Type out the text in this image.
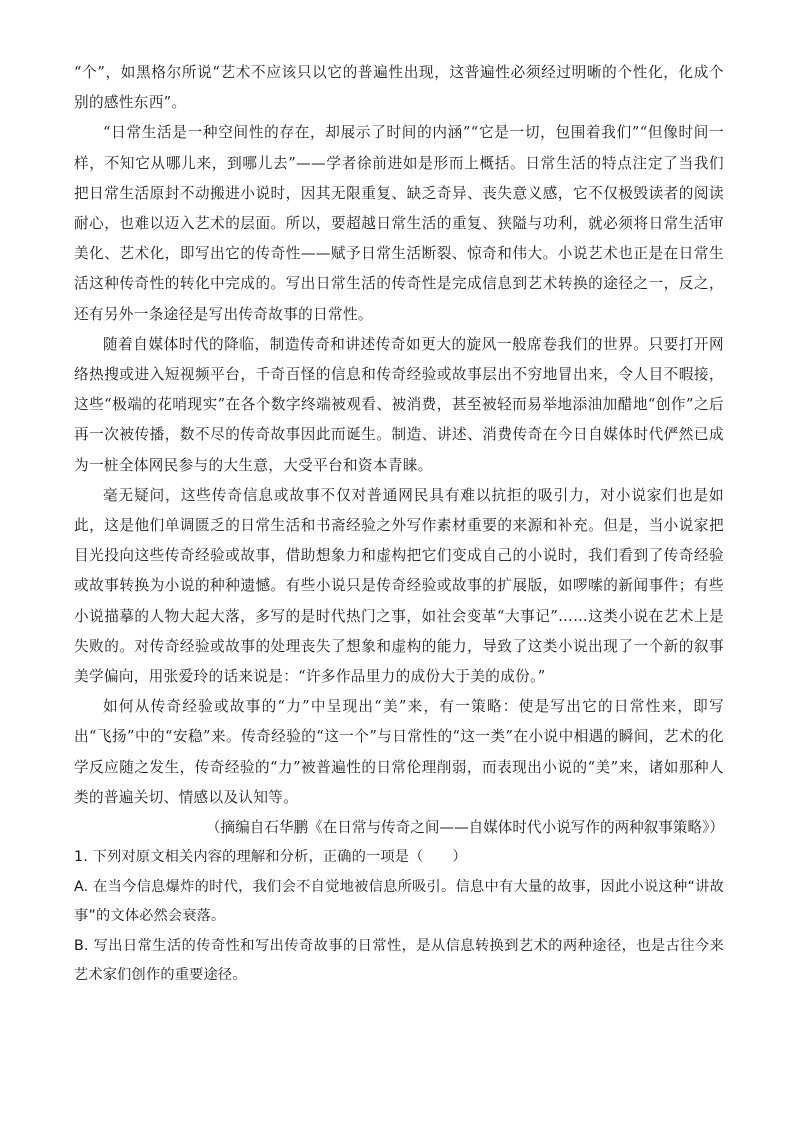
“个”，如黑格尔所说“艺术不应该只以它的普遍性出现，这普遍性必须经过明晰的个性化，化成个别的感性东西”。

“日常生活是一种空间性的存在，却展示了时间的内涵”“它是一切，包围着我们”“但像时间一样，不知它从哪儿来，到哪儿去”——学者徐前进如是形而上概括。日常生活的特点注定了当我们把日常生活原封不动搬进小说时，因其无限重复、缺乏奇异、丧失意义感，它不仅极毁读者的阅读耐心，也难以迈入艺术的层面。所以，要超越日常生活的重复、狭隘与功利，就必须将日常生活审美化、艺术化，即写出它的传奇性——赋予日常生活断裂、惊奇和伟大。小说艺术也正是在日常生活这种传奇性的转化中完成的。写出日常生活的传奇性是完成信息到艺术转换的途径之一，反之，还有另外一条途径是写出传奇故事的日常性。

随着自媒体时代的降临，制造传奇和讲述传奇如更大的旋风一般席卷我们的世界。只要打开网络热搜或进入短视频平台，千奇百怪的信息和传奇经验或故事层出不穷地冒出来，令人目不暇接，这些“极端的花哨现实”在各个数字终端被观看、被消费，甚至被轻而易举地添油加醋地“创作”之后再一次被传播，数不尽的传奇故事因此而诞生。制造、讲述、消费传奇在今日自媒体时代俨然已成为一桩全体网民参与的大生意，大受平台和资本青睐。

毫无疑问，这些传奇信息或故事不仅对普通网民具有难以抗拒的吸引力，对小说家们也是如此，这是他们单调匮乏的日常生活和书斋经验之外写作素材重要的来源和补充。但是，当小说家把目光投向这些传奇经验或故事，借助想象力和虚构把它们变成自己的小说时，我们看到了传奇经验或故事转换为小说的种种遗憾。有些小说只是传奇经验或故事的扩展版，如啰嗦的新闻事件；有些小说描摹的人物大起大落，多写的是时代热门之事，如社会变革“大事记”……这类小说在艺术上是失败的。对传奇经验或故事的处理丧失了想象和虚构的能力，导致了这类小说出现了一个新的叙事美学偏向，用张爱玲的话来说是：“许多作品里力的成份大于美的成份。”

如何从传奇经验或故事的“力”中呈现出“美”来，有一策略：使是写出它的日常性来，即写出“飞扬”中的“安稳”来。传奇经验的“这一个”与日常性的“这一类”在小说中相遇的瞬间，艺术的化学反应随之发生，传奇经验的“力”被普遍性的日常伦理削弱，而表现出小说的“美”来，诸如那种人类的普遍关切、情感以及认知等。

（摘编自石华鹏《在日常与传奇之间——自媒体时代小说写作的两种叙事策略》）

1. 下列对原文相关内容的理解和分析，正确的一项是（　　）

A. 在当今信息爆炸的时代，我们会不自觉地被信息所吸引。信息中有大量的故事，因此小说这种“讲故事”的文体必然会衰落。

B. 写出日常生活的传奇性和写出传奇故事的日常性，是从信息转换到艺术的两种途径，也是古往今来艺术家们创作的重要途径。
